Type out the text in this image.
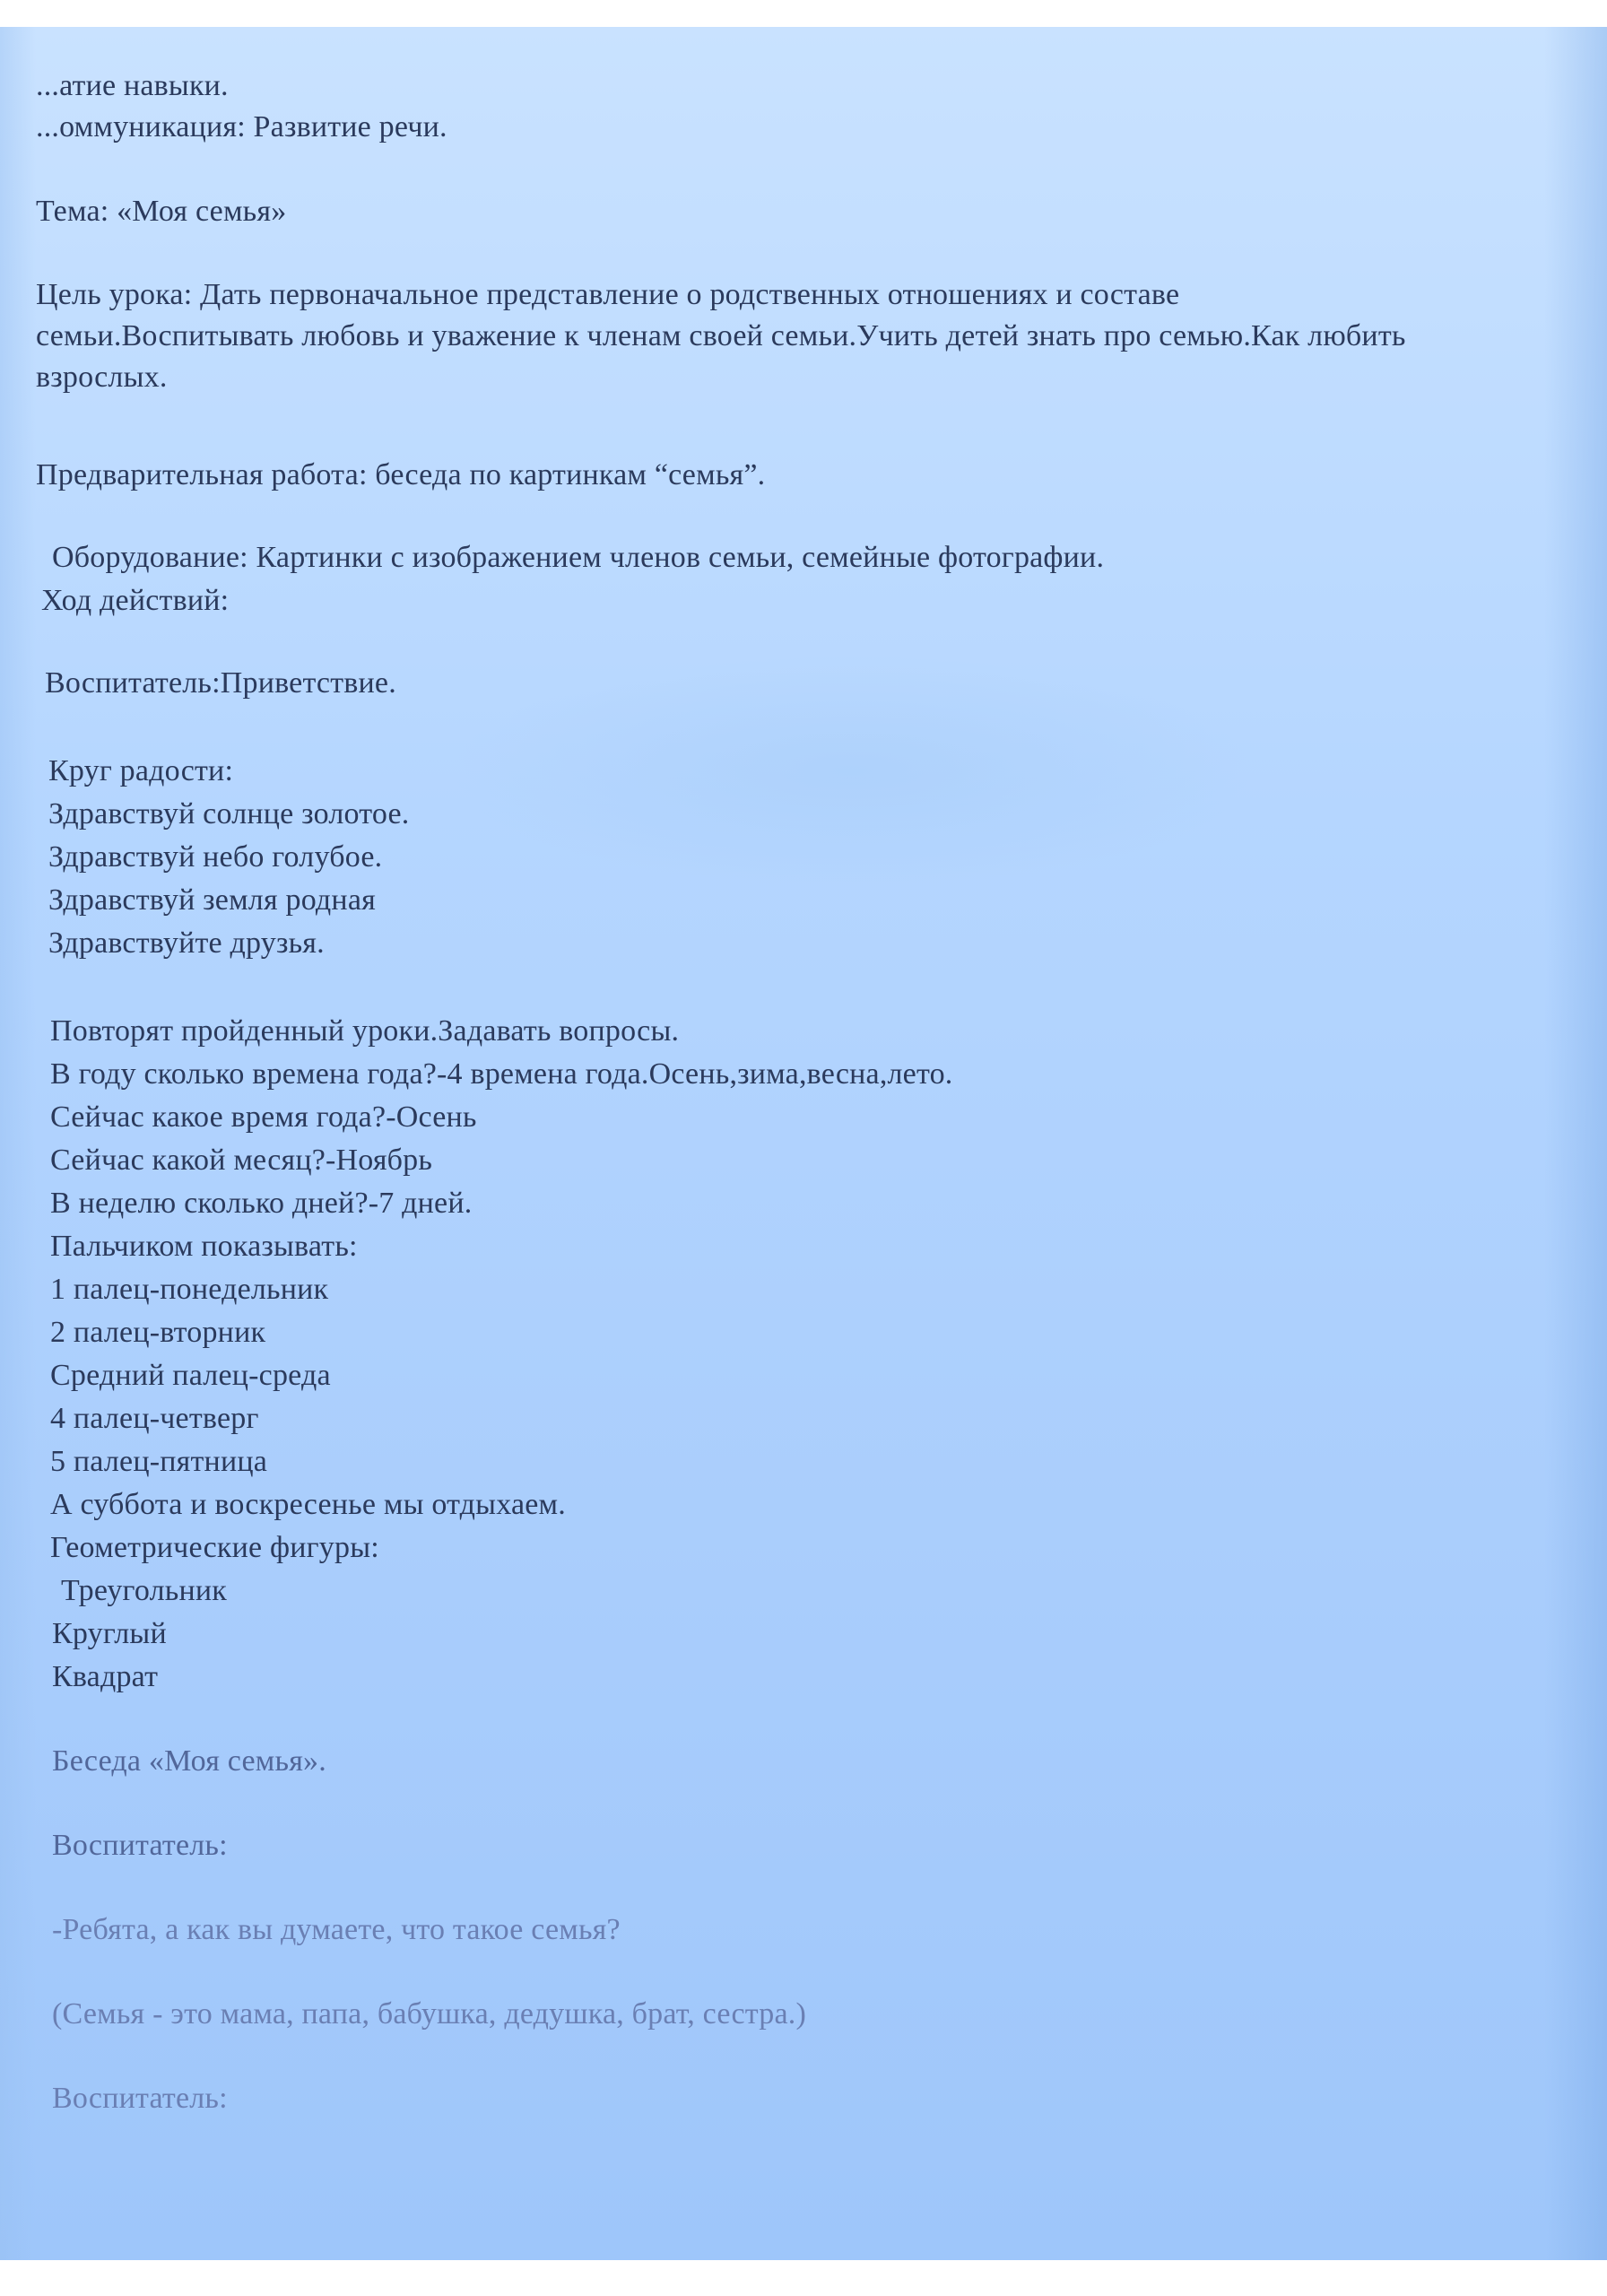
...атие навыки.

...оммуникация: Развитие речи.

Тема: «Моя семья»

Цель урока: Дать первоначальное представление о родственных отношениях и составе семьи.Воспитывать любовь и уважение к членам своей семьи.Учить детей знать про семью.Как любить взрослых.

Предварительная работа: беседа по картинкам “семья”.

Оборудование: Картинки с изображением членов семьи, семейные фотографии.

Ход действий:

Воспитатель:Приветствие.

Круг радости:

Здравствуй солнце золотое.

Здравствуй небо голубое.

Здравствуй земля родная

Здравствуйте друзья.

Повторят пройденный уроки.Задавать вопросы.

В году сколько времена года?-4 времена года.Осень,зима,весна,лето.

Сейчас какое время года?-Осень

Сейчас какой месяц?-Ноябрь

В неделю сколько дней?-7 дней.

Пальчиком показывать:

1 палец-понедельник

2 палец-вторник

Средний палец-среда

4 палец-четверг

5 палец-пятница

А суббота и воскресенье мы отдыхаем.

Геометрические фигуры:

Треугольник

Круглый

Квадрат

Беседа «Моя семья».

Воспитатель:

-Ребята, а как вы думаете, что такое семья?

(Семья - это мама, папа, бабушка, дедушка, брат, сестра.)

Воспитатель:
